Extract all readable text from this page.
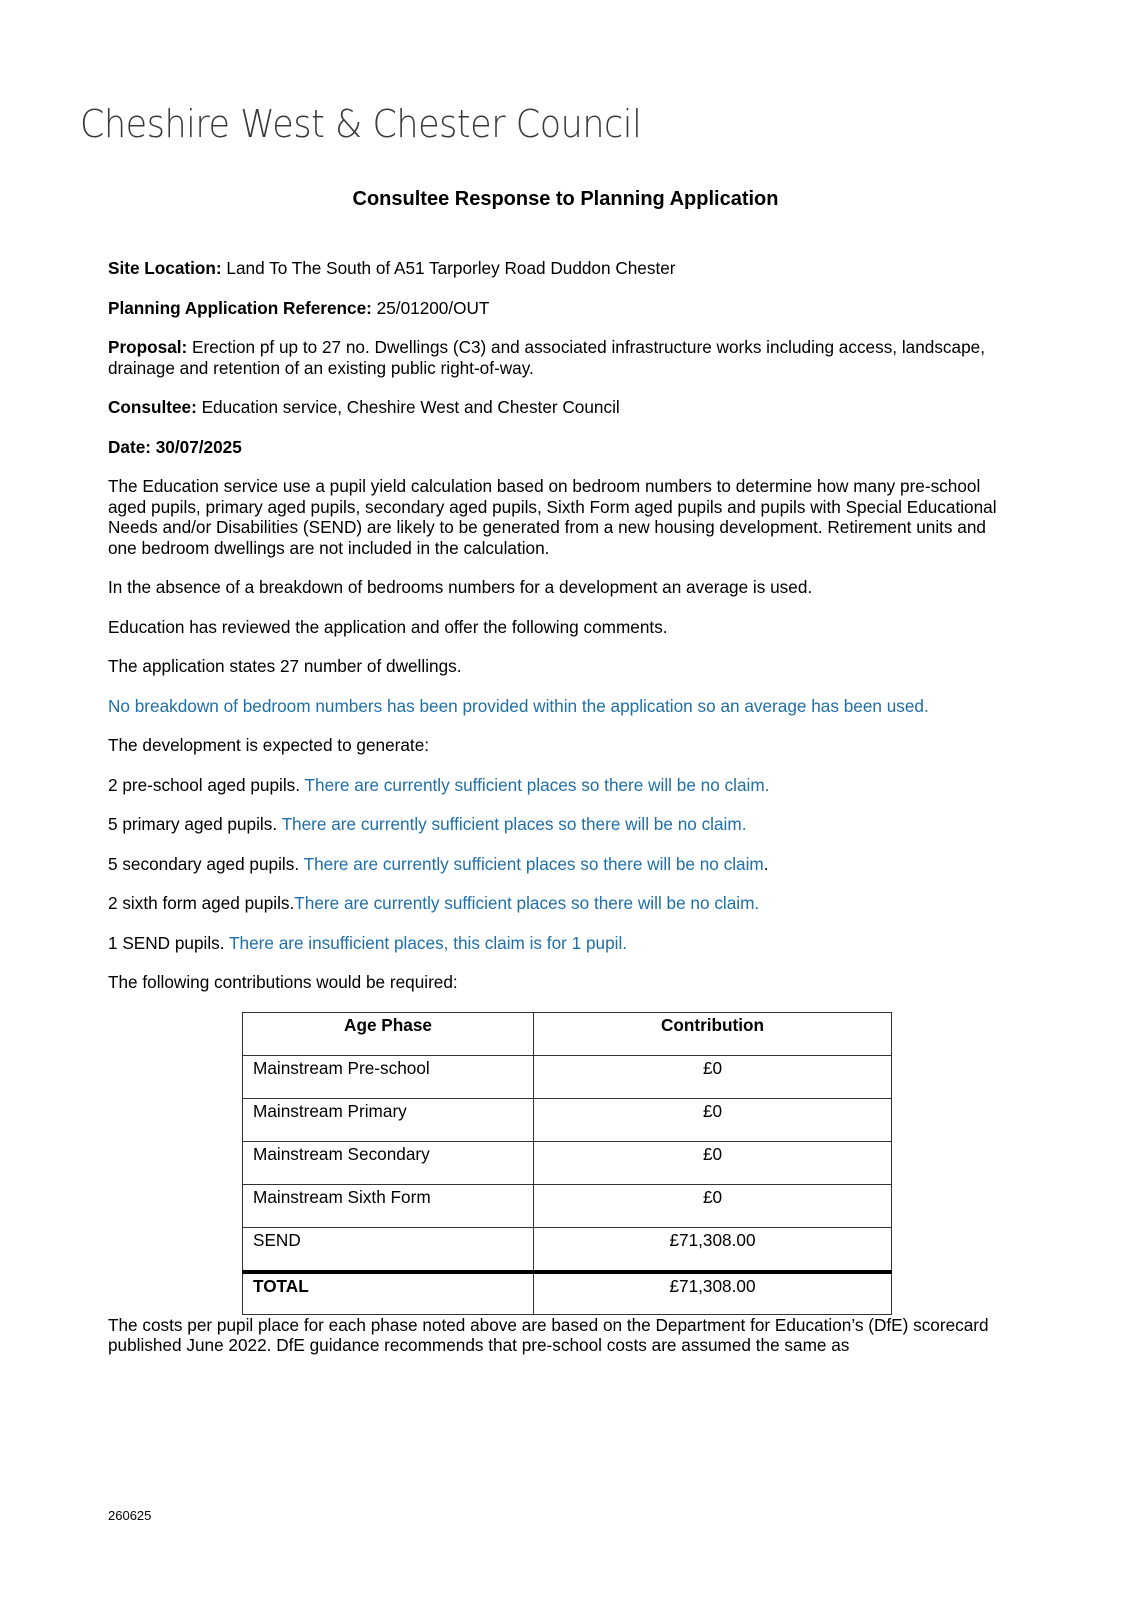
Cheshire West & Chester Council
Consultee Response to Planning Application

Site Location: Land To The South of A51 Tarporley Road Duddon Chester

Planning Application Reference: 25/01200/OUT

Proposal: Erection pf up to 27 no. Dwellings (C3) and associated infrastructure works including access, landscape, drainage and retention of an existing public right-of-way.

Consultee: Education service, Cheshire West and Chester Council

Date: 30/07/2025

The Education service use a pupil yield calculation based on bedroom numbers to determine how many pre-school aged pupils, primary aged pupils, secondary aged pupils, Sixth Form aged pupils and pupils with Special Educational Needs and/or Disabilities (SEND) are likely to be generated from a new housing development. Retirement units and one bedroom dwellings are not included in the calculation.

In the absence of a breakdown of bedrooms numbers for a development an average is used.

Education has reviewed the application and offer the following comments.

The application states 27 number of dwellings.

No breakdown of bedroom numbers has been provided within the application so an average has been used.

The development is expected to generate:

2 pre-school aged pupils. There are currently sufficient places so there will be no claim.

5 primary aged pupils. There are currently sufficient places so there will be no claim.

5 secondary aged pupils. There are currently sufficient places so there will be no claim.

2 sixth form aged pupils.There are currently sufficient places so there will be no claim.

1 SEND pupils. There are insufficient places, this claim is for 1 pupil.

The following contributions would be required:

Age Phase	Contribution
Mainstream Pre-school	£0
Mainstream Primary	£0
Mainstream Secondary	£0
Mainstream Sixth Form	£0
SEND	£71,308.00
TOTAL	£71,308.00

The costs per pupil place for each phase noted above are based on the Department for Education’s (DfE) scorecard published June 2022. DfE guidance recommends that pre-school costs are assumed the same as

260625
